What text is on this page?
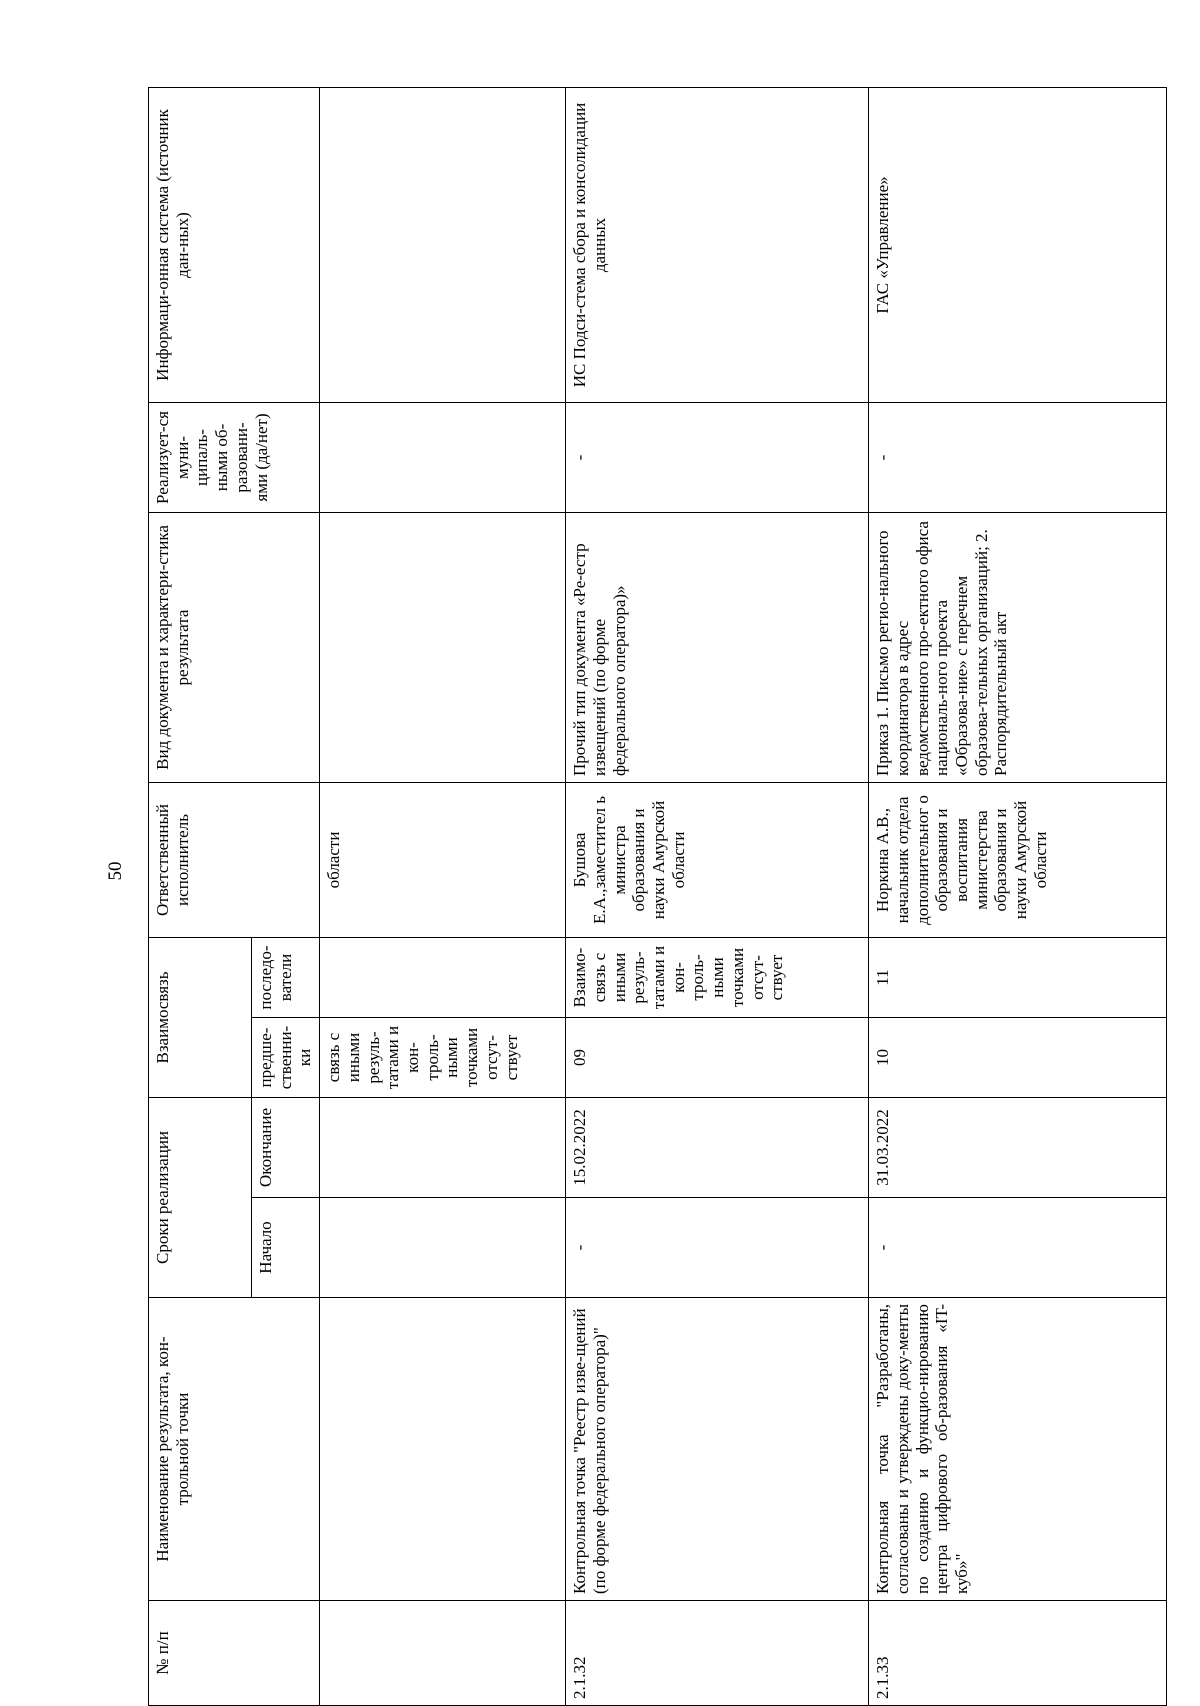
50
№ п/п	Наименование результата, кон-трольной точки	Сроки реализации		Взаимосвязь		Ответственный исполнитель	Вид документа и характери-стика результата	Реализует-ся муни-ципаль-ными об-разовани-ями (да/нет)	Информаци-онная система (источник дан-ных)
		Начало	Окончание	предше-ственни-ки	последо-ватели				
				связь с иными резуль-татами и кон-троль-ными точками отсут-ствует		области			
2.1.32	Контрольная точка "Реестр изве-щений (по форме федерального оператора)"	-	15.02.2022	09	Взаимо-связь с иными резуль-татами и кон-троль-ными точками отсут-ствует	Бушова Е.А.,заместител ь министра образования и науки Амурской области	Прочий тип документа «Ре-естр извещений (по форме федерального оператора)»	-	ИС Подси-стема сбора и консолидации данных
2.1.33	Контрольная точка "Разработаны, согласованы и утверждены доку-менты по созданию и функцио-нированию центра цифрового об-разования «IT-куб»"	-	31.03.2022	10	11	Норкина А.В., начальник отдела дополнительног о образования и воспитания министерства образования и науки Амурской области	Приказ 1. Письмо регио-нального координатора в адрес ведомственного про-ектного офиса националь-ного проекта «Образова-ние» с перечнем образова-тельных организаций; 2. Распорядительный акт	-	ГАС «Управление»
